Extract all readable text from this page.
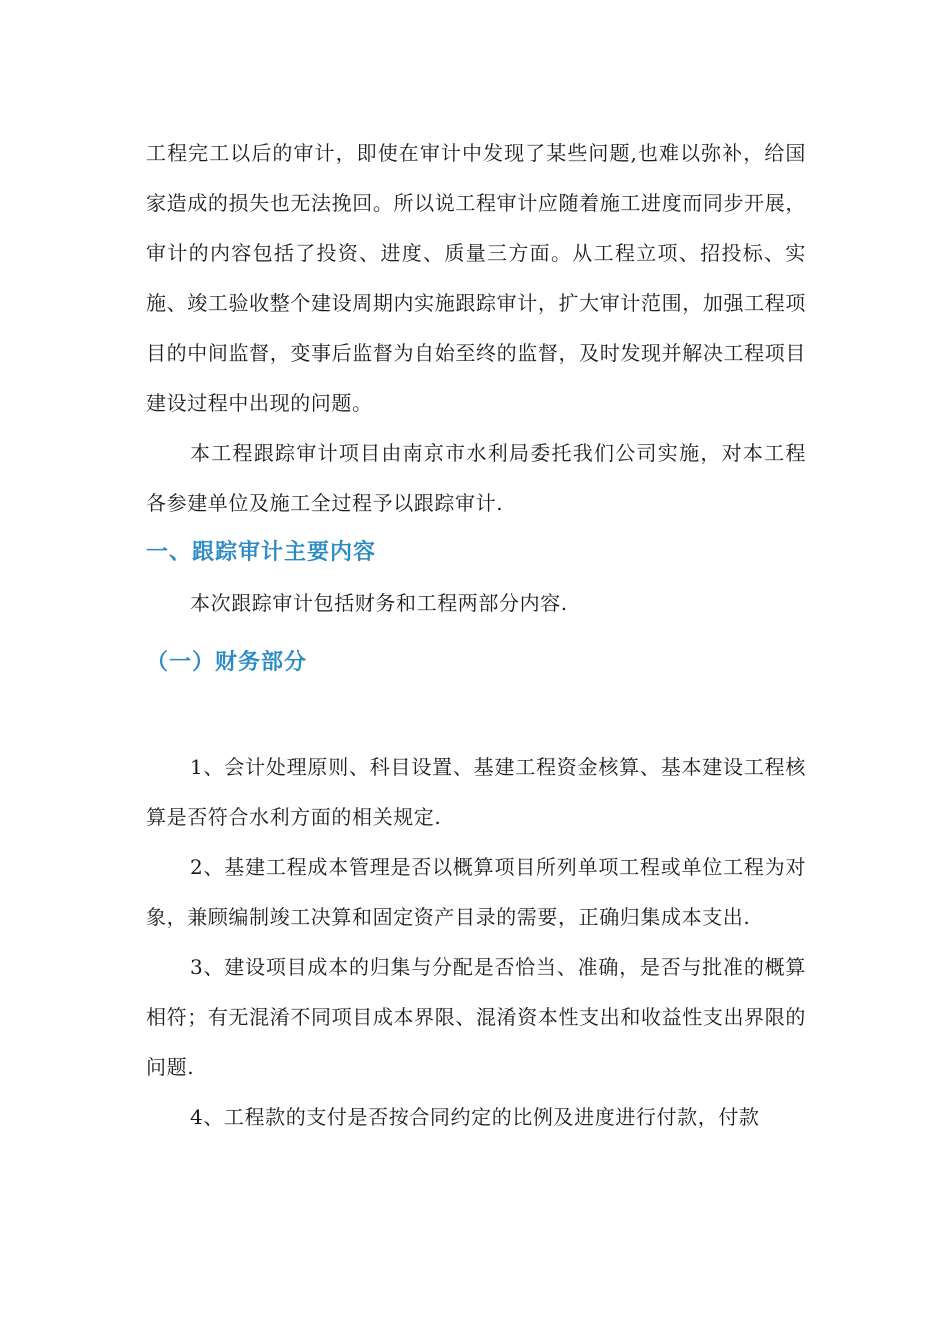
工程完工以后的审计，即使在审计中发现了某些问题,也难以弥补，给国家造成的损失也无法挽回。所以说工程审计应随着施工进度而同步开展，审计的内容包括了投资、进度、质量三方面。从工程立项、招投标、实施、竣工验收整个建设周期内实施跟踪审计，扩大审计范围，加强工程项目的中间监督，变事后监督为自始至终的监督，及时发现并解决工程项目建设过程中出现的问题。

本工程跟踪审计项目由南京市水利局委托我们公司实施，对本工程各参建单位及施工全过程予以跟踪审计.

一、跟踪审计主要内容

本次跟踪审计包括财务和工程两部分内容.

（一）财务部分

1、会计处理原则、科目设置、基建工程资金核算、基本建设工程核算是否符合水利方面的相关规定.

2、基建工程成本管理是否以概算项目所列单项工程或单位工程为对象，兼顾编制竣工决算和固定资产目录的需要，正确归集成本支出.

3、建设项目成本的归集与分配是否恰当、准确，是否与批准的概算相符；有无混淆不同项目成本界限、混淆资本性支出和收益性支出界限的问题.

4、工程款的支付是否按合同约定的比例及进度进行付款，付款
